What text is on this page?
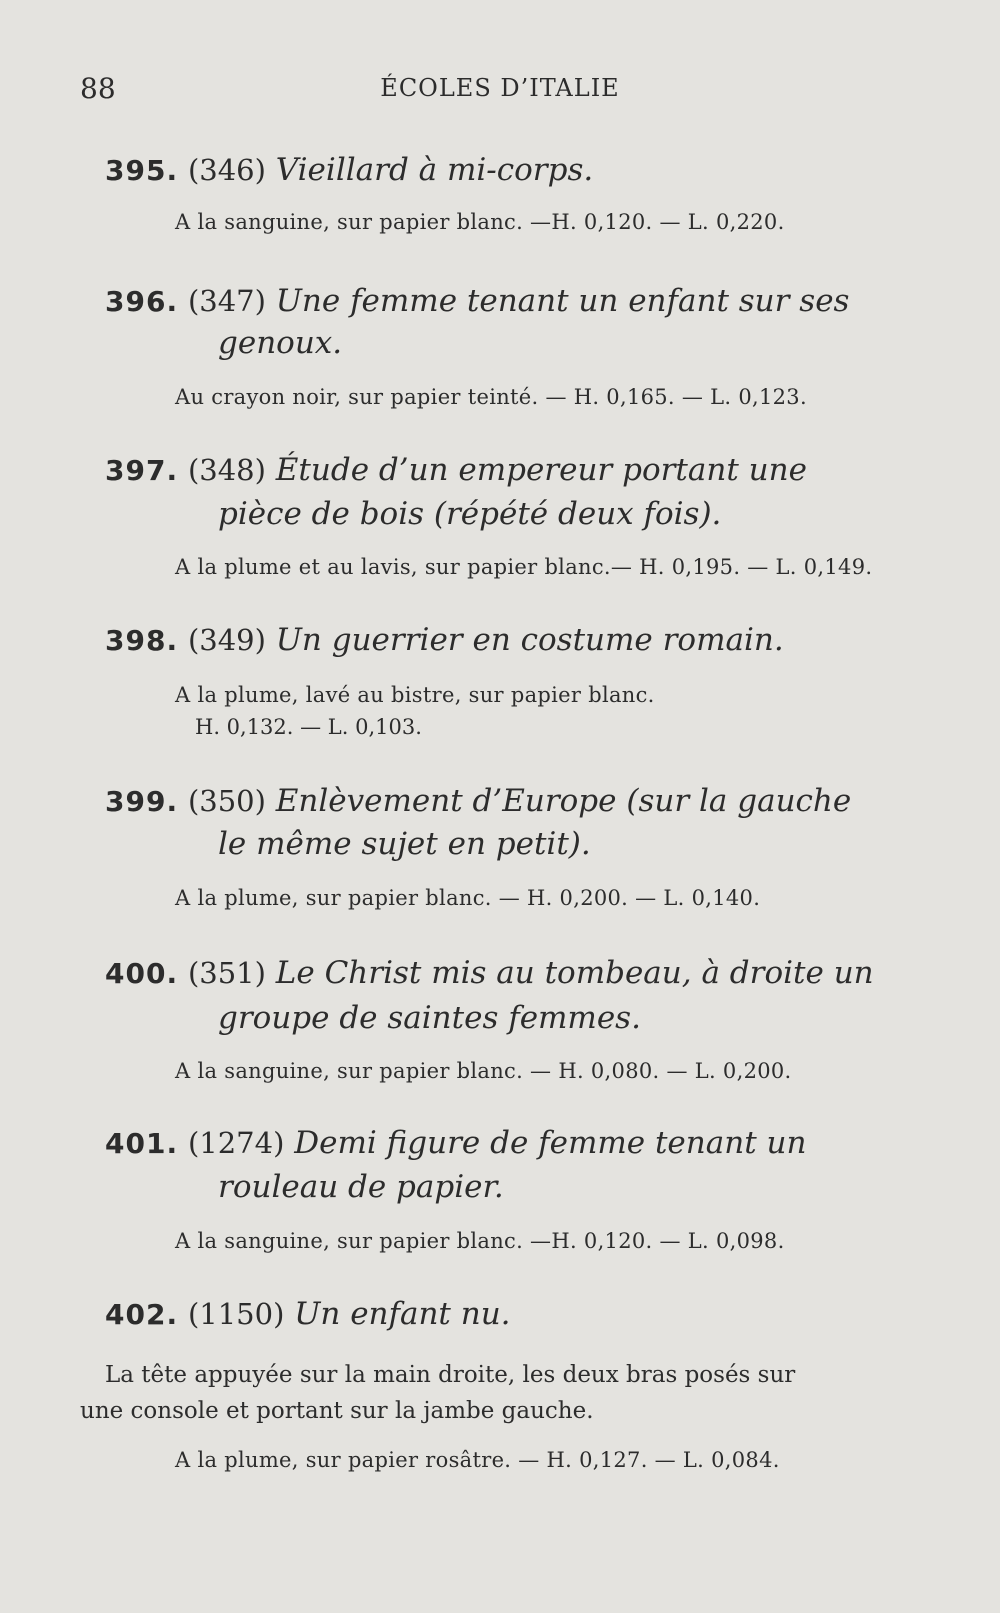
88	ÉCOLES D’ITALIE
395. (346) Vieillard à mi-corps.
A la sanguine, sur papier blanc. —H. 0,120. — L. 0,220.
396. (347) Une femme tenant un enfant sur ses
genoux.
Au crayon noir, sur papier teinté. — H. 0,165. — L. 0,123.
397. (348) Étude d’un empereur portant une
pièce de bois (répété deux fois).
A la plume et au lavis, sur papier blanc.— H. 0,195. — L. 0,149.
398. (349) Un guerrier en costume romain.
A la plume, lavé au bistre, sur papier blanc.
H. 0,132. — L. 0,103.
399. (350) Enlèvement d’Europe (sur la gauche
le même sujet en petit).
A la plume, sur papier blanc. — H. 0,200. — L. 0,140.
400. (351) Le Christ mis au tombeau, à droite un
groupe de saintes femmes.
A la sanguine, sur papier blanc. — H. 0,080. — L. 0,200.
401. (1274) Demi figure de femme tenant un
rouleau de papier.
A la sanguine, sur papier blanc. —H. 0,120. — L. 0,098.
402. (1150) Un enfant nu.
La tête appuyée sur la main droite, les deux bras posés sur
une console et portant sur la jambe gauche.
A la plume, sur papier rosâtre. — H. 0,127. — L. 0,084.
